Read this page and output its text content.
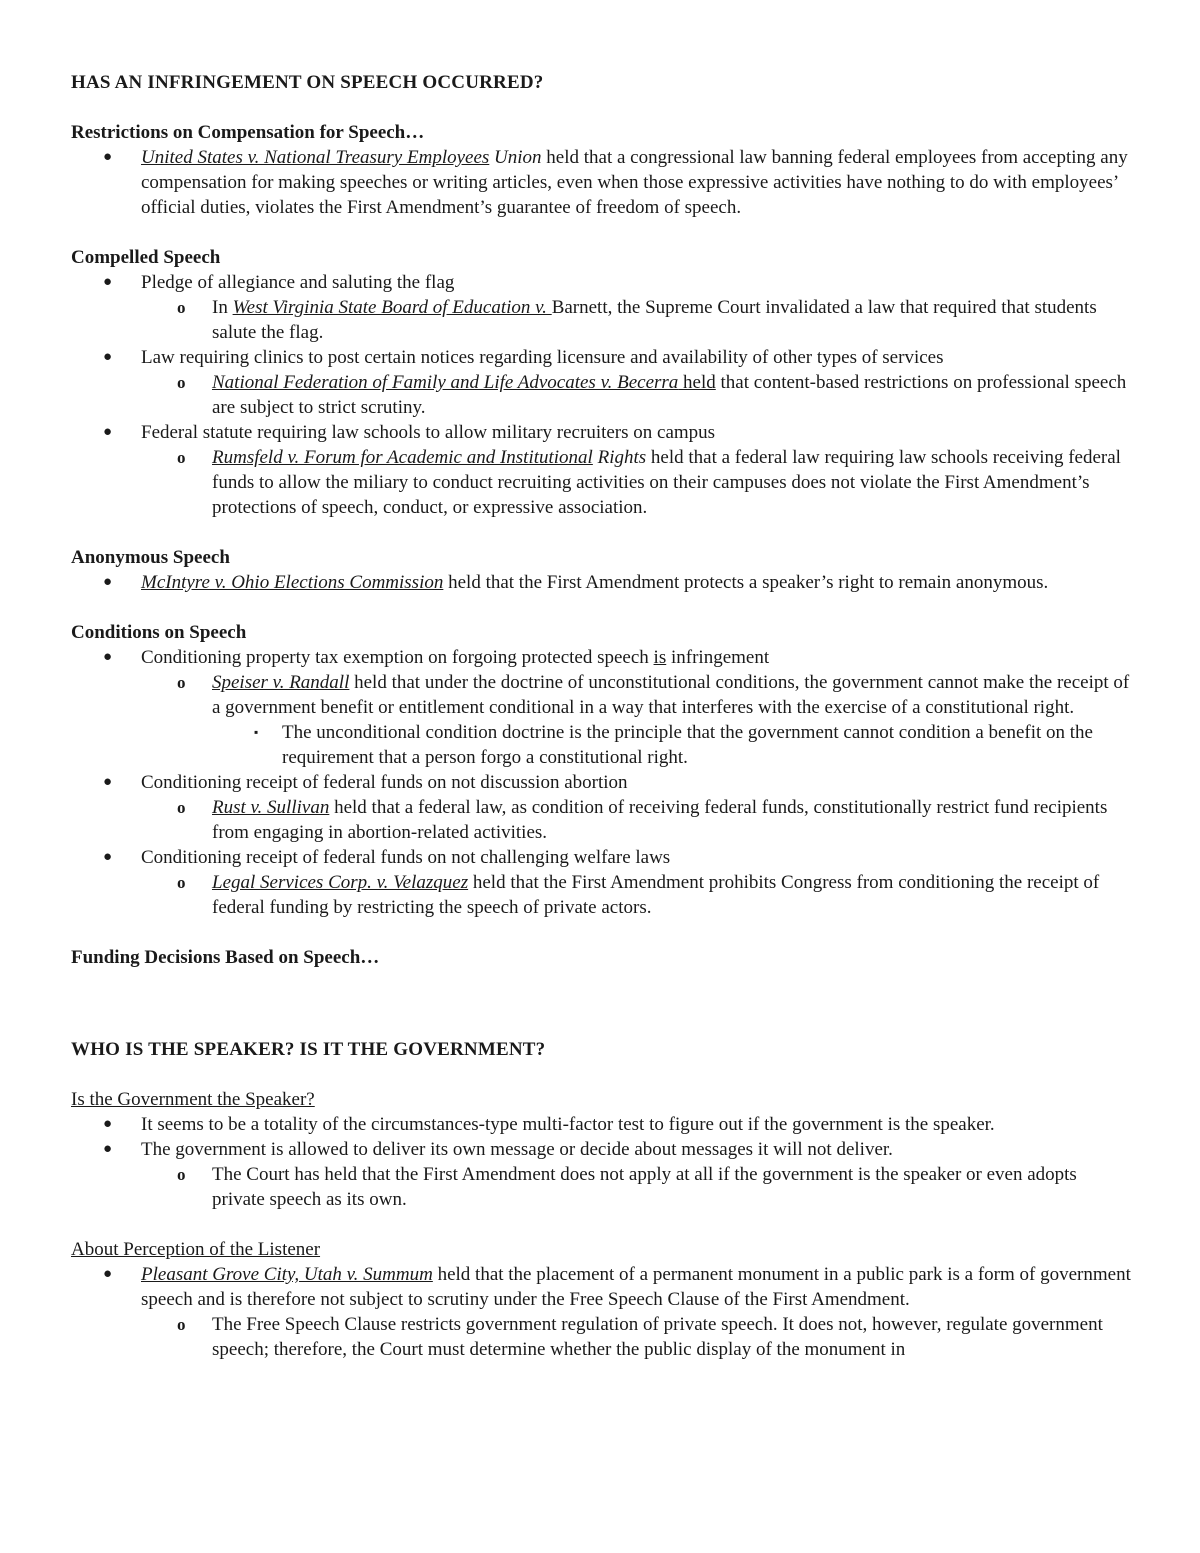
HAS AN INFRINGEMENT ON SPEECH OCCURRED?

Restrictions on Compensation for Speech…

● United States v. National Treasury Employees Union held that a congressional law banning federal employees from accepting any compensation for making speeches or writing articles, even when those expressive activities have nothing to do with employees’ official duties, violates the First Amendment’s guarantee of freedom of speech.

Compelled Speech

● Pledge of allegiance and saluting the flag

o In West Virginia State Board of Education v. Barnett, the Supreme Court invalidated a law that required that students salute the flag.

● Law requiring clinics to post certain notices regarding licensure and availability of other types of services

o National Federation of Family and Life Advocates v. Becerra held that content-based restrictions on professional speech are subject to strict scrutiny.

● Federal statute requiring law schools to allow military recruiters on campus

o Rumsfeld v. Forum for Academic and Institutional Rights held that a federal law requiring law schools receiving federal funds to allow the miliary to conduct recruiting activities on their campuses does not violate the First Amendment’s protections of speech, conduct, or expressive association.

Anonymous Speech

● McIntyre v. Ohio Elections Commission held that the First Amendment protects a speaker’s right to remain anonymous.

Conditions on Speech

● Conditioning property tax exemption on forgoing protected speech is infringement

o Speiser v. Randall held that under the doctrine of unconstitutional conditions, the government cannot make the receipt of a government benefit or entitlement conditional in a way that interferes with the exercise of a constitutional right.

▪ The unconditional condition doctrine is the principle that the government cannot condition a benefit on the requirement that a person forgo a constitutional right.

● Conditioning receipt of federal funds on not discussion abortion

o Rust v. Sullivan held that a federal law, as condition of receiving federal funds, constitutionally restrict fund recipients from engaging in abortion-related activities.

● Conditioning receipt of federal funds on not challenging welfare laws

o Legal Services Corp. v. Velazquez held that the First Amendment prohibits Congress from conditioning the receipt of federal funding by restricting the speech of private actors.

Funding Decisions Based on Speech…

WHO IS THE SPEAKER? IS IT THE GOVERNMENT?

Is the Government the Speaker?

● It seems to be a totality of the circumstances-type multi-factor test to figure out if the government is the speaker.

● The government is allowed to deliver its own message or decide about messages it will not deliver.

o The Court has held that the First Amendment does not apply at all if the government is the speaker or even adopts private speech as its own.

About Perception of the Listener

● Pleasant Grove City, Utah v. Summum held that the placement of a permanent monument in a public park is a form of government speech and is therefore not subject to scrutiny under the Free Speech Clause of the First Amendment.

o The Free Speech Clause restricts government regulation of private speech. It does not, however, regulate government speech; therefore, the Court must determine whether the public display of the monument in
